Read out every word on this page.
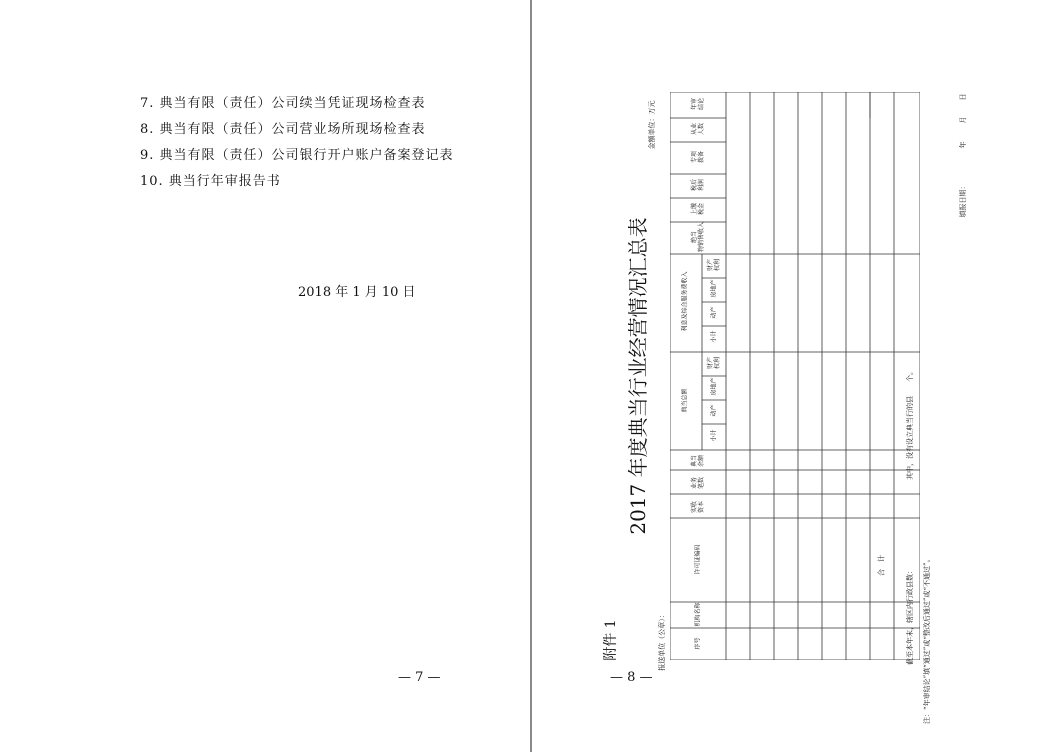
7. 典当有限（责任）公司续当凭证现场检查表
8. 典当有限（责任）公司营业场所现场检查表
9. 典当有限（责任）公司银行开户账户备案登记表
10. 典当行年审报告书
2018 年 1 月 10 日
— 7 —
附件 1
2017 年度典当行业经营情况汇总表
金额单位：万元
报送单位（公章）：
填报日期：
年
月
日
年审
结论
从业
人数
专项
拨备
税后
利润
上缴
税金
绝当
物销售收入
利息及综合服务费收入
财产
权利
房地产
动产
小计
典当总额
财产
权利
房地产
动产
小计
典当
余额
业务
笔数
实收
资本
许可证编码
机构名称
序号
合　计
截至本年末，辖区内行政县数：
其中，没有设立典当行的县
个。
注：“年审结论”填“通过”或“整改后通过”或“不通过”。
— 8 —
